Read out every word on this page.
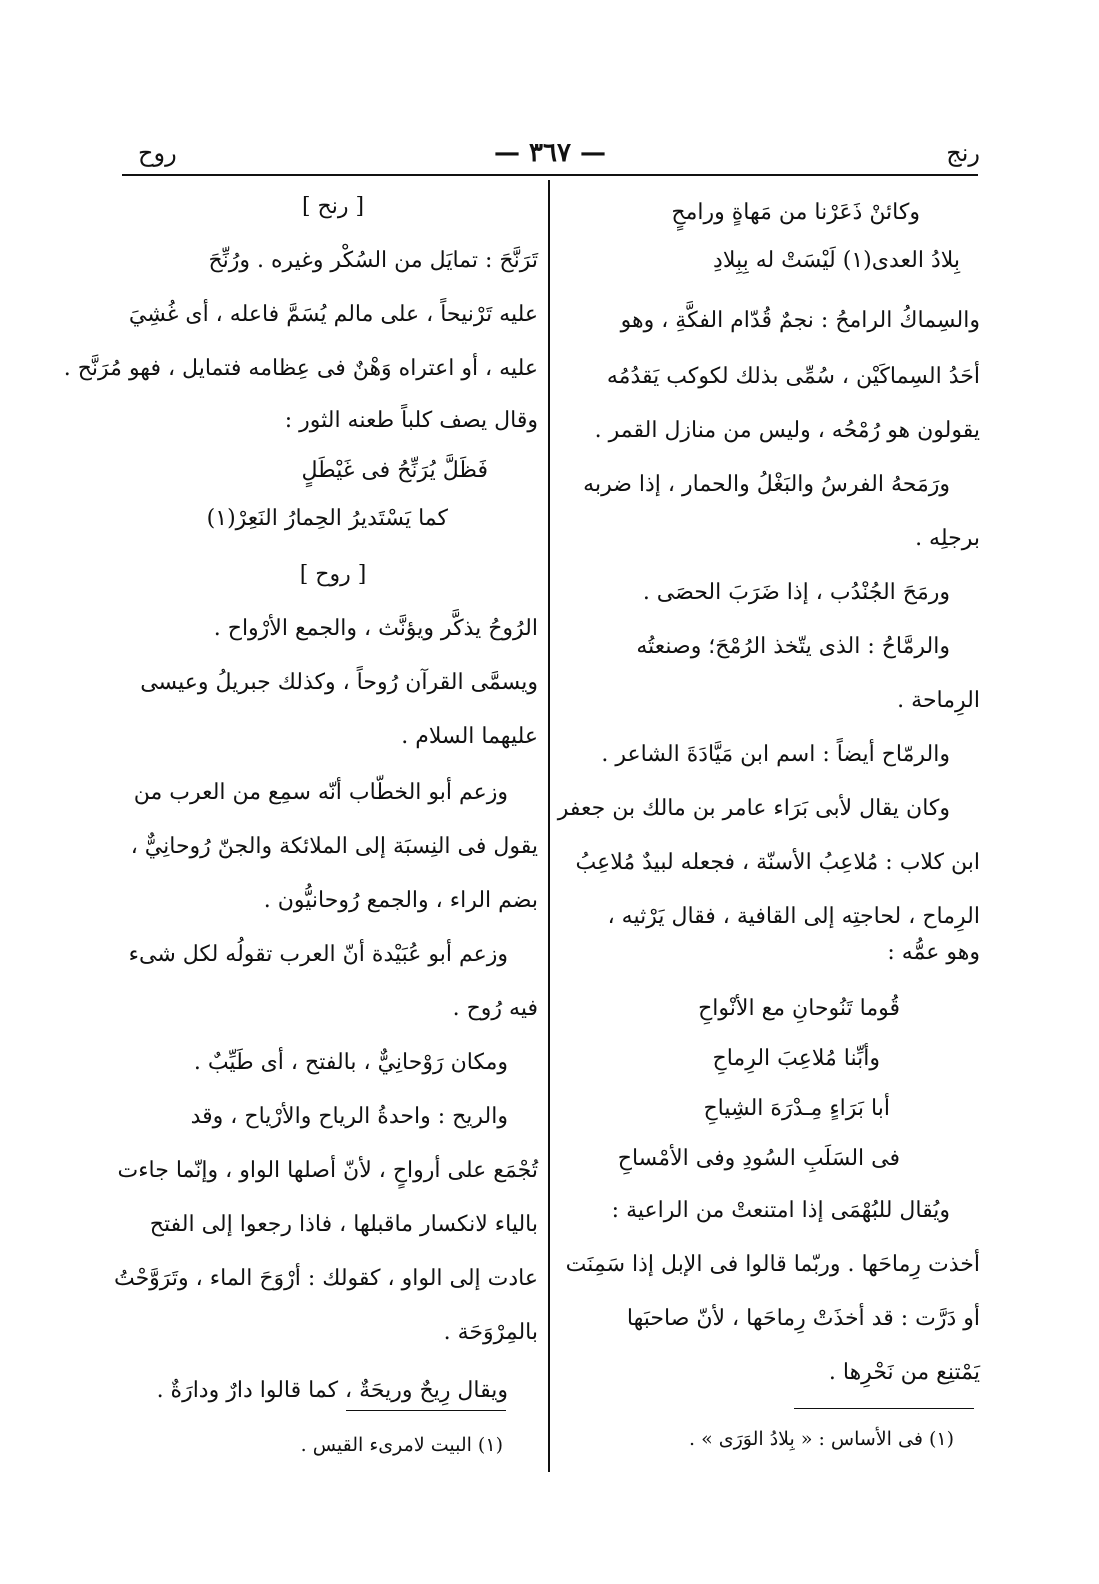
رنج
— ٣٦٧ —
روح
وكائنْ ذَعَرْنا من مَهاةٍ ورامحٍ
بِلادُ العدى(١) لَيْسَتْ له بِبِلادِ
والسِماكُ الرامحُ : نجمٌ قُدّام الفكَّةِ ، وهو
أحَدُ السِماكَيْن ، سُمِّى بذلك لكوكب يَقدُمُه
يقولون هو رُمْحُه ، وليس من منازل القمر .
ورَمَحهُ الفرسُ والبَغْلُ والحمار ، إذا ضربه
برجلِه .
ورمَحَ الجُنْدُب ، إذا ضَرَبَ الحصَى .
والرمَّاحُ : الذى يتّخذ الرُمْحَ؛ وصنعتُه
الرِماحة .
والرمّاح أيضاً : اسم ابن مَيَّادَةَ الشاعر .
وكان يقال لأبى بَرَاء عامر بن مالك بن جعفر
ابن كلاب : مُلاعِبُ الأسنّة ، فجعله لبيدٌ مُلاعِبُ
الرِماح ، لحاجتِه إلى القافية ، فقال يَرْثيه ،
وهو عمُّه :
قُوما تَنُوحانِ مع الأنْواحِ
وأبِّنا مُلاعِبَ الرِماحِ
أبا بَرَاءٍ مِـدْرَهَ الشِياحِ
فى السَلَبِ السُودِ وفى الأمْساحِ
ويُقال للبُهْمَى إذا امتنعتْ من الراعية :
أخذت رِماحَها . وربّما قالوا فى الإبل إذا سَمِنَت
أو دَرَّت : قد أخذَتْ رِماحَها ، لأنّ صاحبَها
يَمْتنِع من نَحْرِها .
(١) فى الأساس : « بِلادُ الوَرَى » .
[ رنح ]
تَرَنَّحَ : تمايَل من السُكْر وغيره . ورُنِّحَ
عليه تَرْنيحاً ، على مالم يُسَمَّ فاعله ، أى غُشِيَ
عليه ، أو اعتراه وَهْنٌ فى عِظامه فتمايل ، فهو مُرَنَّح .
وقال يصف كلباً طعنه الثور :
فَظَلَّ يُرَنِّحُ فى غَيْطَلٍ
كما يَسْتَديرُ الحِمارُ النَعِرْ(١)
[ روح ]
الرُوحُ يذكَّر ويؤنَّث ، والجمع الأرْواح .
ويسمَّى القرآن رُوحاً ، وكذلك جبريلُ وعيسى
عليهما السلام .
وزعم أبو الخطّاب أنّه سمِع من العرب من
يقول فى النِسبَة إلى الملائكة والجنّ رُوحانِيٌّ ،
بضم الراء ، والجمع رُوحانيُّون .
وزعم أبو عُبَيْدة أنّ العرب تقولُه لكل شىء
فيه رُوح .
ومكان رَوْحانِيٌّ ، بالفتح ، أى طَيِّبٌ .
والريح : واحدةُ الرياح والأرْياح ، وقد
تُجْمَع على أرواحٍ ، لأنّ أصلها الواو ، وإنّما جاءت
بالياء لانكسار ماقبلها ، فاذا رجعوا إلى الفتح
عادت إلى الواو ، كقولك : أرْوَحَ الماء ، وتَرَوَّحْتُ
بالمِرْوَحَة .
ويقال رِيحٌ وريحَةٌ ، كما قالوا دارٌ ودارَةٌ .
(١) البيت لامرىء القيس .
